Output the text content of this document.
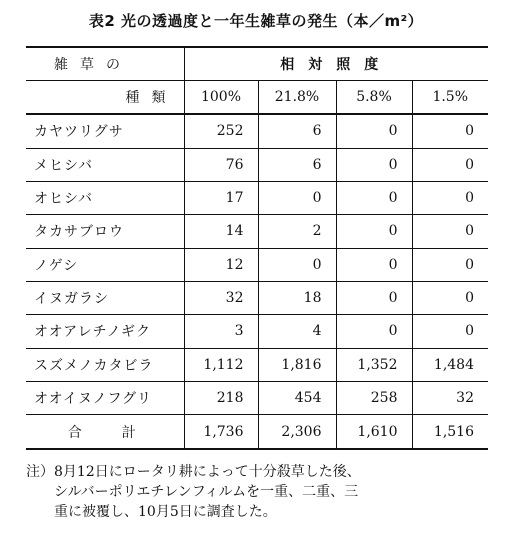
表2 光の透過度と一年生雑草の発生（本／m²）
雑草の	相対照度			
種類	100%	21.8%	5.8%	1.5%
カヤツリグサ	252	6	0	0
メヒシバ	76	6	0	0
オヒシバ	17	0	0	0
タカサブロウ	14	2	0	0
ノゲシ	12	0	0	0
イヌガラシ	32	18	0	0
オオアレチノギク	3	4	0	0
スズメノカタビラ	1,112	1,816	1,352	1,484
オオイヌノフグリ	218	454	258	32
合計	1,736	2,306	1,610	1,516
注）8月12日にロータリ耕によって十分殺草した後、
シルバーポリエチレンフィルムを一重、二重、三
重に被覆し、10月5日に調査した。
